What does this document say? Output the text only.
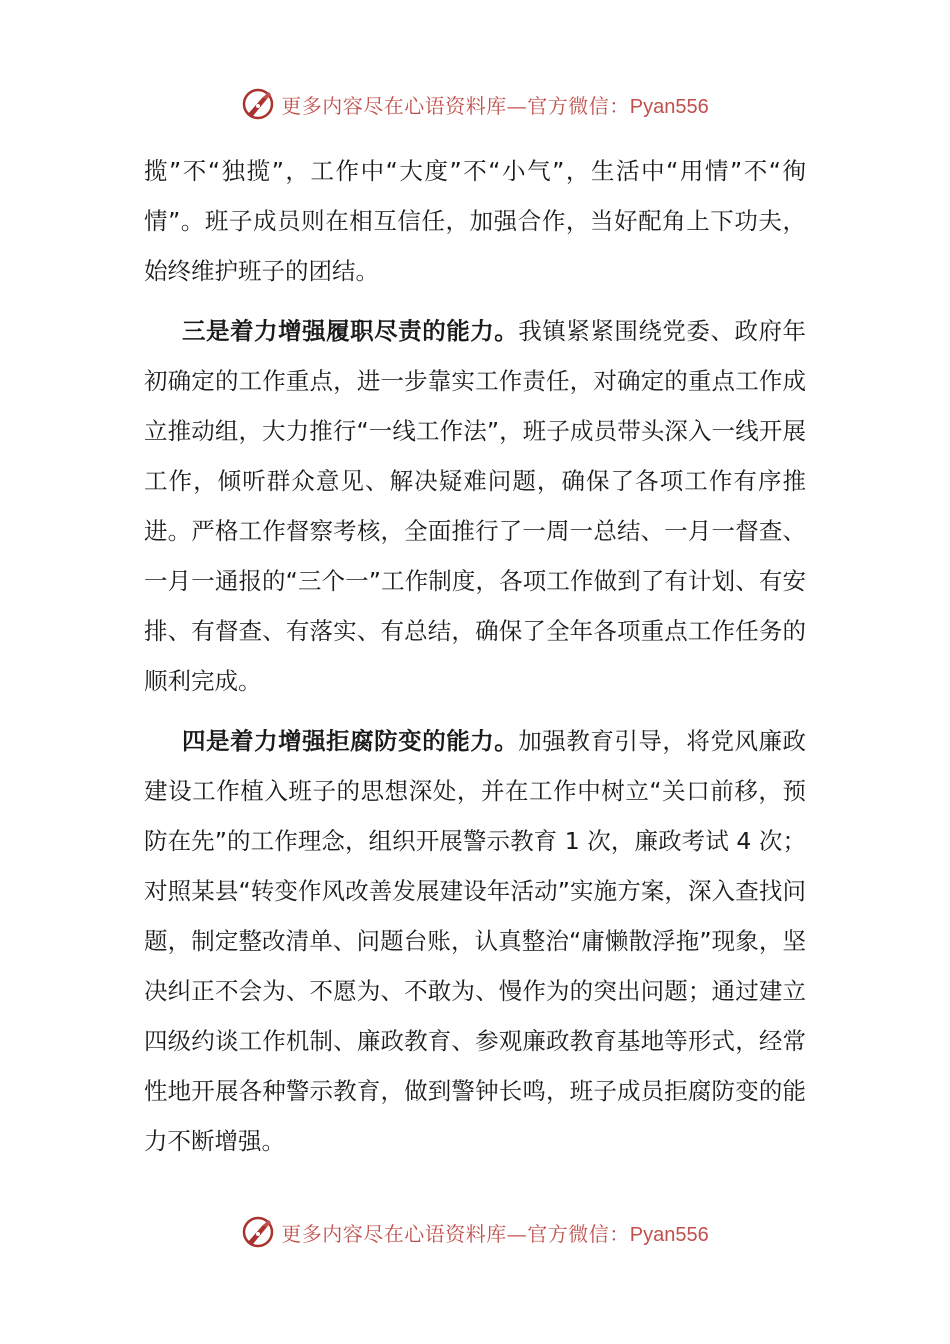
更多内容尽在心语资料库—官方微信：Pyan556

揽”不“独揽”，工作中“大度”不“小气”，生活中“用情”不“徇情”。班子成员则在相互信任，加强合作，当好配角上下功夫，始终维护班子的团结。

三是着力增强履职尽责的能力。我镇紧紧围绕党委、政府年初确定的工作重点，进一步靠实工作责任，对确定的重点工作成立推动组，大力推行“一线工作法”，班子成员带头深入一线开展工作，倾听群众意见、解决疑难问题，确保了各项工作有序推进。严格工作督察考核，全面推行了一周一总结、一月一督查、一月一通报的“三个一”工作制度，各项工作做到了有计划、有安排、有督查、有落实、有总结，确保了全年各项重点工作任务的顺利完成。

四是着力增强拒腐防变的能力。加强教育引导，将党风廉政建设工作植入班子的思想深处，并在工作中树立“关口前移，预防在先”的工作理念，组织开展警示教育 1 次，廉政考试 4 次；对照某县“转变作风改善发展建设年活动”实施方案，深入查找问题，制定整改清单、问题台账，认真整治“庸懒散浮拖”现象，坚决纠正不会为、不愿为、不敢为、慢作为的突出问题；通过建立四级约谈工作机制、廉政教育、参观廉政教育基地等形式，经常性地开展各种警示教育，做到警钟长鸣，班子成员拒腐防变的能力不断增强。

更多内容尽在心语资料库—官方微信：Pyan556
